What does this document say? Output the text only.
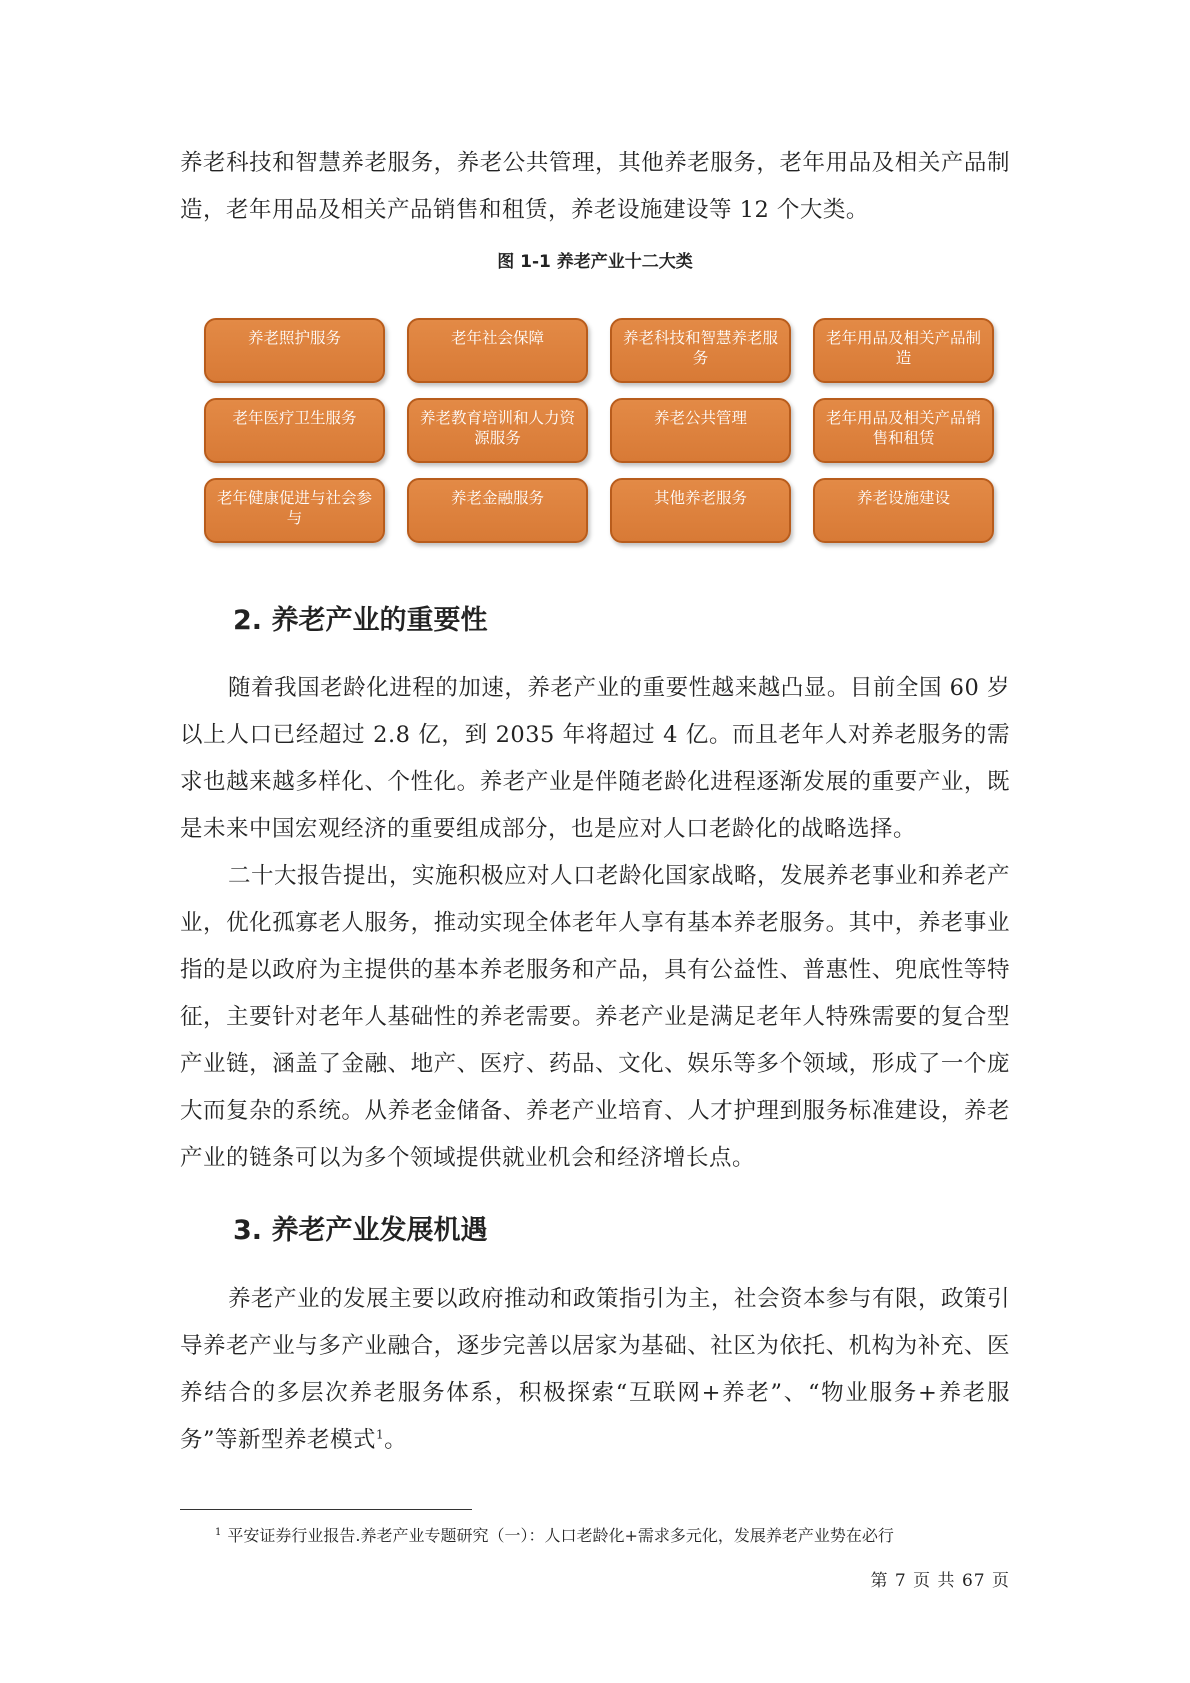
养老科技和智慧养老服务，养老公共管理，其他养老服务，老年用品及相关产品制造，老年用品及相关产品销售和租赁，养老设施建设等 12 个大类。

图 1-1 养老产业十二大类
养老照护服务	老年社会保障	养老科技和智慧养老服务
老年用品及相关产品制造
老年医疗卫生服务	养老教育培训和人力资源服务
养老公共管理	老年用品及相关产品销售和租赁
老年健康促进与社会参与
养老金融服务	其他养老服务	养老设施建设
2. 养老产业的重要性

随着我国老龄化进程的加速，养老产业的重要性越来越凸显。目前全国 60 岁以上人口已经超过 2.8 亿，到 2035 年将超过 4 亿。而且老年人对养老服务的需求也越来越多样化、个性化。养老产业是伴随老龄化进程逐渐发展的重要产业，既是未来中国宏观经济的重要组成部分，也是应对人口老龄化的战略选择。

二十大报告提出，实施积极应对人口老龄化国家战略，发展养老事业和养老产业，优化孤寡老人服务，推动实现全体老年人享有基本养老服务。其中，养老事业指的是以政府为主提供的基本养老服务和产品，具有公益性、普惠性、兜底性等特征，主要针对老年人基础性的养老需要。养老产业是满足老年人特殊需要的复合型产业链，涵盖了金融、地产、医疗、药品、文化、娱乐等多个领域，形成了一个庞大而复杂的系统。从养老金储备、养老产业培育、人才护理到服务标准建设，养老产业的链条可以为多个领域提供就业机会和经济增长点。

3. 养老产业发展机遇

养老产业的发展主要以政府推动和政策指引为主，社会资本参与有限，政策引导养老产业与多产业融合，逐步完善以居家为基础、社区为依托、机构为补充、医养结合的多层次养老服务体系，积极探索“互联网+养老”、“物业服务+养老服务”等新型养老模式$^1$。

$^1$ 平安证券行业报告.养老产业专题研究（一）：人口老龄化+需求多元化，发展养老产业势在必行
第 7 页 共 67 页
